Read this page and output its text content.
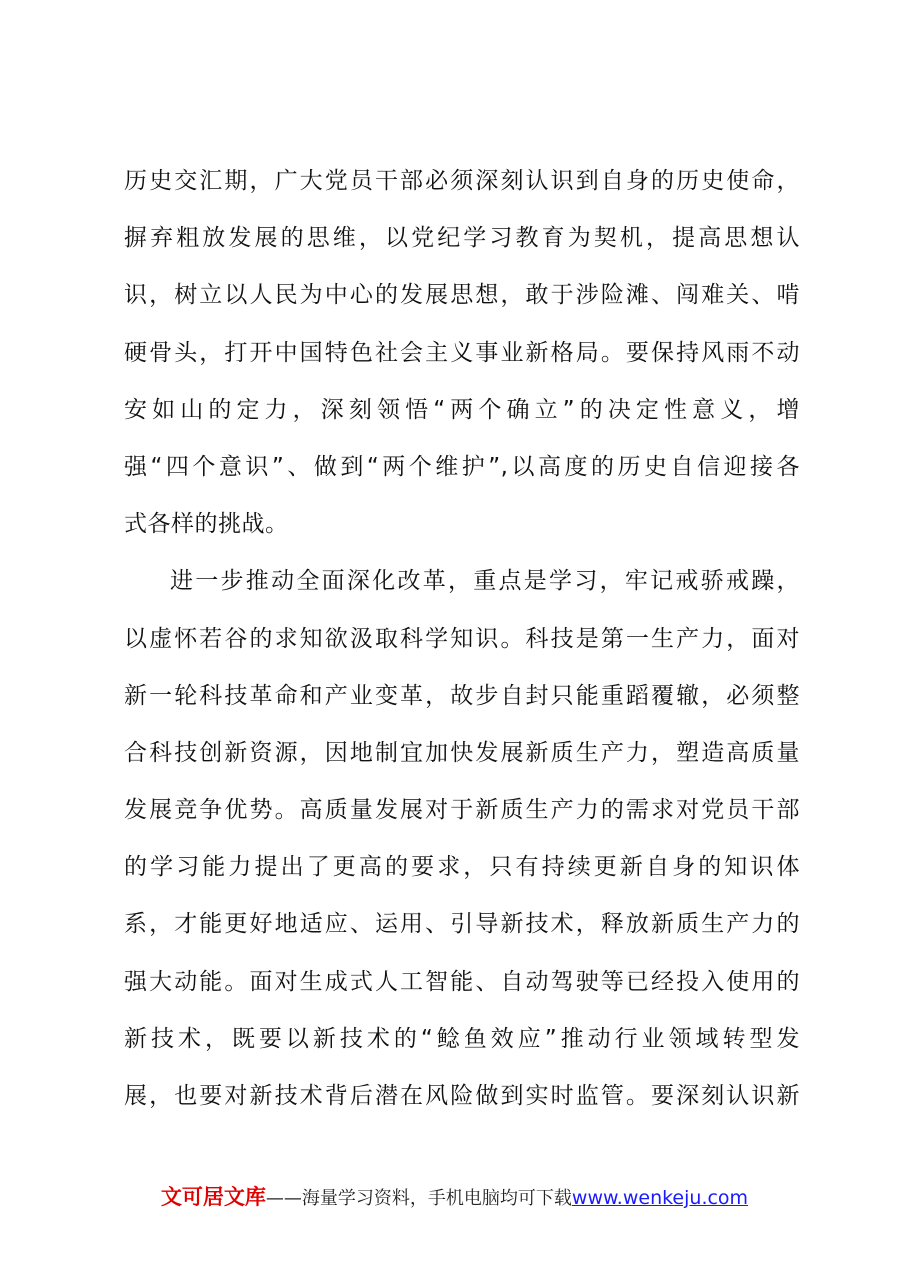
历史交汇期，广大党员干部必须深刻认识到自身的历史使命，
摒弃粗放发展的思维，以党纪学习教育为契机，提高思想认
识，树立以人民为中心的发展思想，敢于涉险滩、闯难关、啃
硬骨头，打开中国特色社会主义事业新格局。要保持风雨不动
安如山的定力，深刻领悟“两个确立”的决定性意义，增
强“四个意识”、做到“两个维护”,以高度的历史自信迎接各
式各样的挑战。
进一步推动全面深化改革，重点是学习，牢记戒骄戒躁，
以虚怀若谷的求知欲汲取科学知识。科技是第一生产力，面对
新一轮科技革命和产业变革，故步自封只能重蹈覆辙，必须整
合科技创新资源，因地制宜加快发展新质生产力，塑造高质量
发展竞争优势。高质量发展对于新质生产力的需求对党员干部
的学习能力提出了更高的要求，只有持续更新自身的知识体
系，才能更好地适应、运用、引导新技术，释放新质生产力的
强大动能。面对生成式人工智能、自动驾驶等已经投入使用的
新技术，既要以新技术的“鲶鱼效应”推动行业领域转型发
展，也要对新技术背后潜在风险做到实时监管。要深刻认识新
文可居文库——海量学习资料，手机电脑均可下载www.wenkeju.com
